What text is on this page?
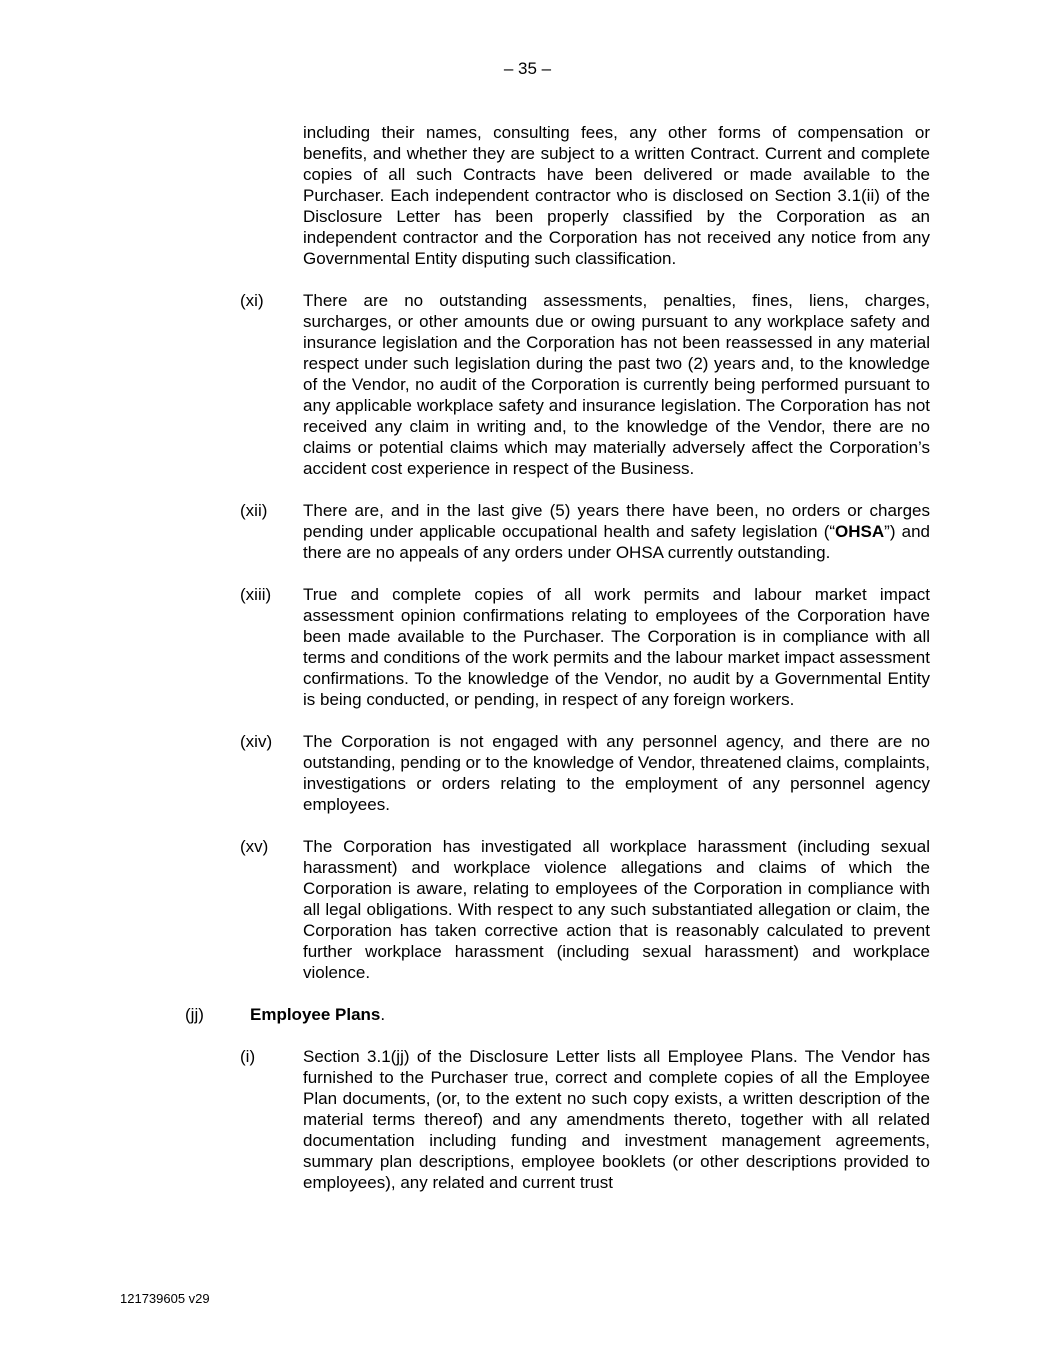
– 35 –

including their names, consulting fees, any other forms of compensation or benefits, and whether they are subject to a written Contract. Current and complete copies of all such Contracts have been delivered or made available to the Purchaser. Each independent contractor who is disclosed on Section 3.1(ii) of the Disclosure Letter has been properly classified by the Corporation as an independent contractor and the Corporation has not received any notice from any Governmental Entity disputing such classification.

(xi)	There are no outstanding assessments, penalties, fines, liens, charges, surcharges, or other amounts due or owing pursuant to any workplace safety and insurance legislation and the Corporation has not been reassessed in any material respect under such legislation during the past two (2) years and, to the knowledge of the Vendor, no audit of the Corporation is currently being performed pursuant to any applicable workplace safety and insurance legislation. The Corporation has not received any claim in writing and, to the knowledge of the Vendor, there are no claims or potential claims which may materially adversely affect the Corporation’s accident cost experience in respect of the Business.
(xii)	There are, and in the last give (5) years there have been, no orders or charges pending under applicable occupational health and safety legislation (“OHSA”) and there are no appeals of any orders under OHSA currently outstanding.
(xiii)	True and complete copies of all work permits and labour market impact assessment opinion confirmations relating to employees of the Corporation have been made available to the Purchaser. The Corporation is in compliance with all terms and conditions of the work permits and the labour market impact assessment confirmations. To the knowledge of the Vendor, no audit by a Governmental Entity is being conducted, or pending, in respect of any foreign workers.
(xiv)	The Corporation is not engaged with any personnel agency, and there are no outstanding, pending or to the knowledge of Vendor, threatened claims, complaints, investigations or orders relating to the employment of any personnel agency employees.
(xv)	The Corporation has investigated all workplace harassment (including sexual harassment) and workplace violence allegations and claims of which the Corporation is aware, relating to employees of the Corporation in compliance with all legal obligations. With respect to any such substantiated allegation or claim, the Corporation has taken corrective action that is reasonably calculated to prevent further workplace harassment (including sexual harassment) and workplace violence.
(jj)	Employee Plans.
(i)	Section 3.1(jj) of the Disclosure Letter lists all Employee Plans. The Vendor has furnished to the Purchaser true, correct and complete copies of all the Employee Plan documents, (or, to the extent no such copy exists, a written description of the material terms thereof) and any amendments thereto, together with all related documentation including funding and investment management agreements, summary plan descriptions, employee booklets (or other descriptions provided to employees), any related and current trust
121739605 v29
